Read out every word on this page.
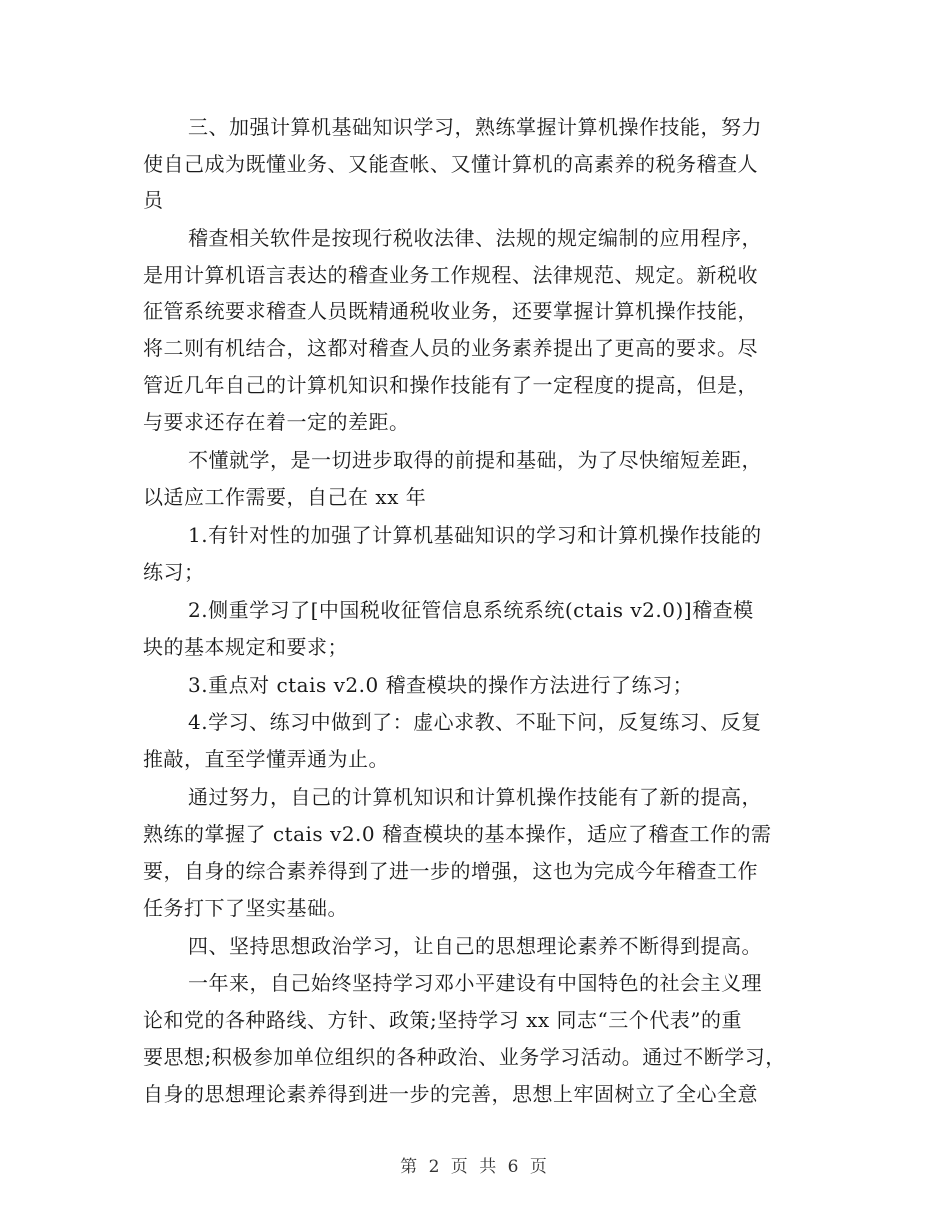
三、加强计算机基础知识学习，熟练掌握计算机操作技能，努力
使自己成为既懂业务、又能查帐、又懂计算机的高素养的税务稽查人
员
稽查相关软件是按现行税收法律、法规的规定编制的应用程序，
是用计算机语言表达的稽查业务工作规程、法律规范、规定。新税收
征管系统要求稽查人员既精通税收业务，还要掌握计算机操作技能，
将二则有机结合，这都对稽查人员的业务素养提出了更高的要求。尽
管近几年自己的计算机知识和操作技能有了一定程度的提高，但是，
与要求还存在着一定的差距。
不懂就学，是一切进步取得的前提和基础，为了尽快缩短差距，
以适应工作需要，自己在 xx 年
1.有针对性的加强了计算机基础知识的学习和计算机操作技能的
练习；
2.侧重学习了[中国税收征管信息系统系统(ctais v2.0)]稽查模
块的基本规定和要求；
3.重点对 ctais v2.0 稽查模块的操作方法进行了练习；
4.学习、练习中做到了：虚心求教、不耻下问，反复练习、反复
推敲，直至学懂弄通为止。
通过努力，自己的计算机知识和计算机操作技能有了新的提高，
熟练的掌握了 ctais v2.0 稽查模块的基本操作，适应了稽查工作的需
要，自身的综合素养得到了进一步的增强，这也为完成今年稽查工作
任务打下了坚实基础。
四、坚持思想政治学习，让自己的思想理论素养不断得到提高。
一年来，自己始终坚持学习邓小平建设有中国特色的社会主义理
论和党的各种路线、方针、政策;坚持学习 xx 同志“三个代表”的重
要思想;积极参加单位组织的各种政治、业务学习活动。通过不断学习，
自身的思想理论素养得到进一步的完善，思想上牢固树立了全心全意
第 2 页 共 6 页
